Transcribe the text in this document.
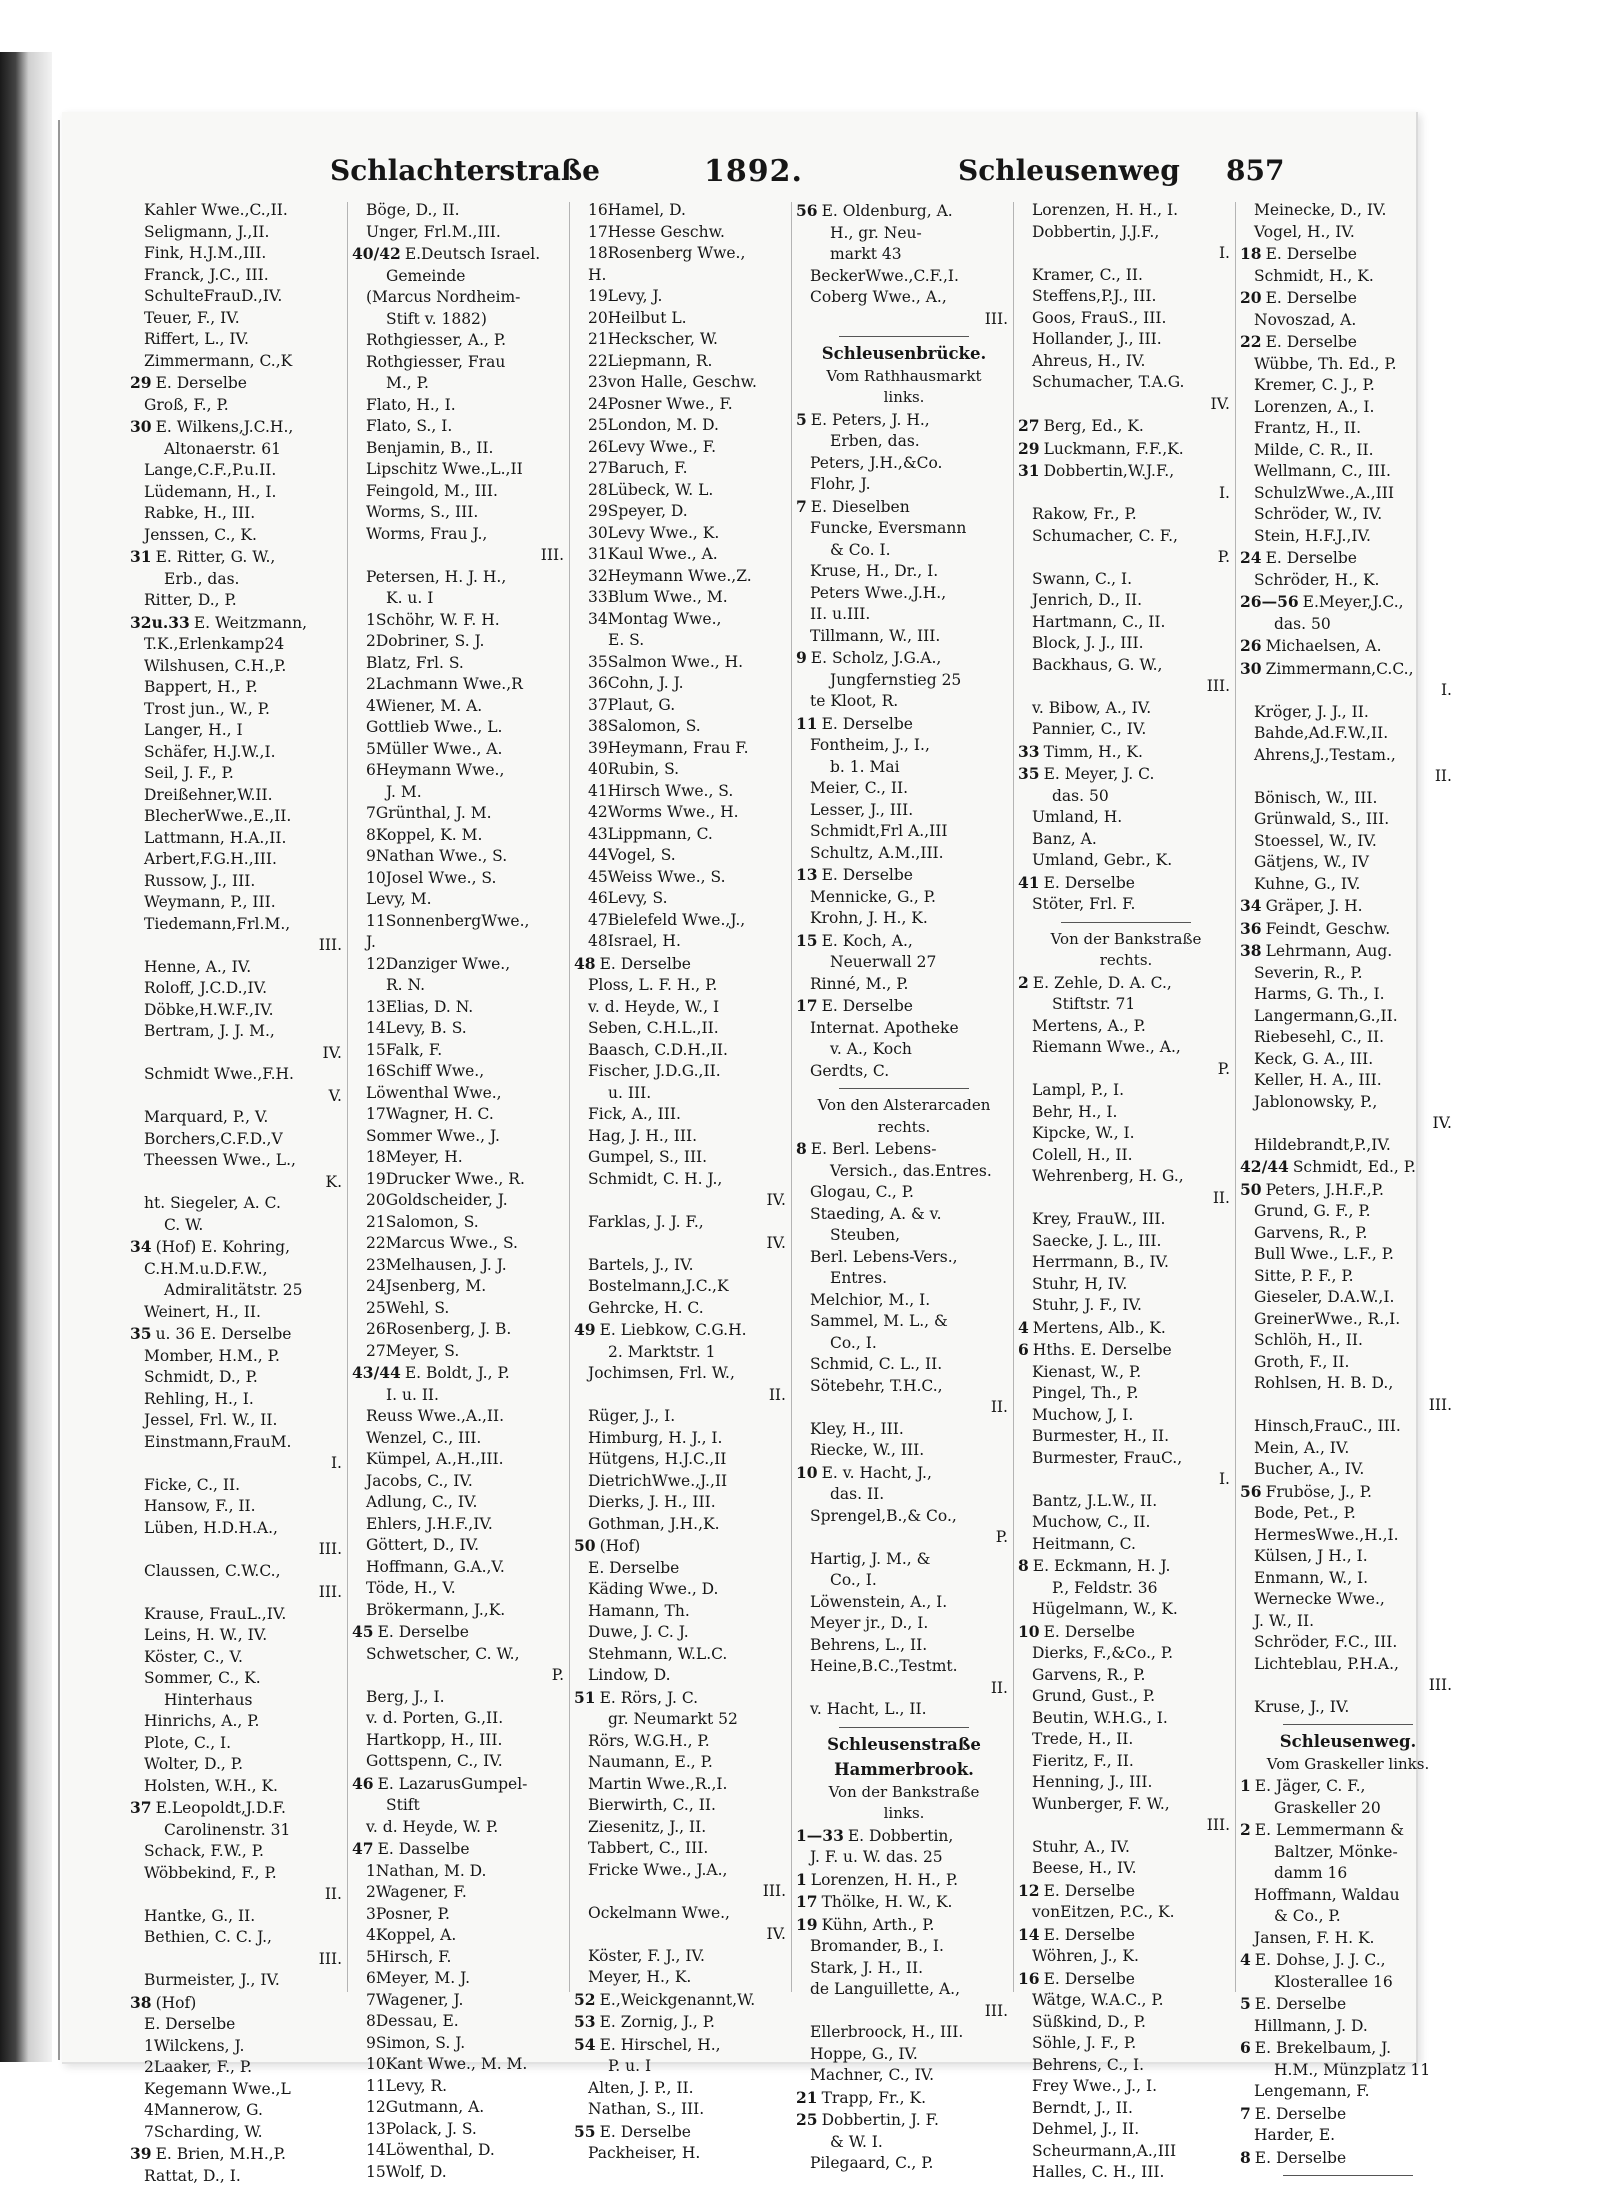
Schlachterstraße	1892.	Schleusenweg 857
Kahler Wwe.,C.,II.
Seligmann, J.,II.
Fink, H.J.M.,III.
Franck, J.C., III.
SchulteFrauD.,IV.
Teuer, F., IV.
Riffert, L., IV.
Zimmermann, C.,K
29 E. Derselbe
Groß, F., P.
30 E. Wilkens,J.C.H.,
Altonaerstr. 61
Lange,C.F.,P.u.II.
Lüdemann, H., I.
Rabke, H., III.
Jenssen, C., K.
31 E. Ritter, G. W.,
Erb., das.
Ritter, D., P.
32u.33 E. Weitzmann,
T.K.,Erlenkamp24
Wilshusen, C.H.,P.
Bappert, H., P.
Trost jun., W., P.
Langer, H., I
Schäfer, H.J.W.,I.
Seil, J. F., P.
Dreißehner,W.II.
BlecherWwe.,E.,II.
Lattmann, H.A.,II.
Arbert,F.G.H.,III.
Russow, J., III.
Weymann, P., III.
Tiedemann,Frl.M.,
III.
Henne, A., IV.
Roloff, J.C.D.,IV.
Döbke,H.W.F.,IV.
Bertram, J. J. M.,
IV.
Schmidt Wwe.,F.H.
V.
Marquard, P., V.
Borchers,C.F.D.,V
Theessen Wwe., L.,
K.
ht. Siegeler, A. C.
C. W.
34 (Hof) E. Kohring,
C.H.M.u.D.F.W.,
Admiralitätstr. 25
Weinert, H., II.
35 u. 36 E. Derselbe
Momber, H.M., P.
Schmidt, D., P.
Rehling, H., I.
Jessel, Frl. W., II.
Einstmann,FrauM.
I.
Ficke, C., II.
Hansow, F., II.
Lüben, H.D.H.A.,
III.
Claussen, C.W.C.,
III.
Krause, FrauL.,IV.
Leins, H. W., IV.
Köster, C., V.
Sommer, C., K.
Hinterhaus
Hinrichs, A., P.
Plote, C., I.
Wolter, D., P.
Holsten, W.H., K.
37 E.Leopoldt,J.D.F.
Carolinenstr. 31
Schack, F.W., P.
Wöbbekind, F., P.
II.
Hantke, G., II.
Bethien, C. C. J.,
III.
Burmeister, J., IV.
38 (Hof)
E. Derselbe
1Wilckens, J.
2Laaker, F., P.
Kegemann Wwe.,L
4Mannerow, G.
7Scharding, W.
39 E. Brien, M.H.,P.
Rattat, D., I.
Böge, D., II.
Unger, Frl.M.,III.
40/42 E.Deutsch Israel.
Gemeinde
(Marcus Nordheim-
Stift v. 1882)
Rothgiesser, A., P.
Rothgiesser, Frau
M., P.
Flato, H., I.
Flato, S., I.
Benjamin, B., II.
Lipschitz Wwe.,L.,II
Feingold, M., III.
Worms, S., III.
Worms, Frau J.,
III.
Petersen, H. J. H.,
K. u. I
1Schöhr, W. F. H.
2Dobriner, S. J.
Blatz, Frl. S.
2Lachmann Wwe.,R
4Wiener, M. A.
Gottlieb Wwe., L.
5Müller Wwe., A.
6Heymann Wwe.,
J. M.
7Grünthal, J. M.
8Koppel, K. M.
9Nathan Wwe., S.
10Josel Wwe., S.
Levy, M.
11SonnenbergWwe.,
J.
12Danziger Wwe.,
R. N.
13Elias, D. N.
14Levy, B. S.
15Falk, F.
16Schiff Wwe.,
Löwenthal Wwe.,
17Wagner, H. C.
Sommer Wwe., J.
18Meyer, H.
19Drucker Wwe., R.
20Goldscheider, J.
21Salomon, S.
22Marcus Wwe., S.
23Melhausen, J. J.
24Jsenberg, M.
25Wehl, S.
26Rosenberg, J. B.
27Meyer, S.
43/44 E. Boldt, J., P.
I. u. II.
Reuss Wwe.,A.,II.
Wenzel, C., III.
Kümpel, A.,H.,III.
Jacobs, C., IV.
Adlung, C., IV.
Ehlers, J.H.F.,IV.
Göttert, D., IV.
Hoffmann, G.A.,V.
Töde, H., V.
Brökermann, J.,K.
45 E. Derselbe
Schwetscher, C. W.,
P.
Berg, J., I.
v. d. Porten, G.,II.
Hartkopp, H., III.
Gottspenn, C., IV.
46 E. LazarusGumpel-
Stift
v. d. Heyde, W. P.
47 E. Dasselbe
1Nathan, M. D.
2Wagener, F.
3Posner, P.
4Koppel, A.
5Hirsch, F.
6Meyer, M. J.
7Wagener, J.
8Dessau, E.
9Simon, S. J.
10Kant Wwe., M. M.
11Levy, R.
12Gutmann, A.
13Polack, J. S.
14Löwenthal, D.
15Wolf, D.
16Hamel, D.
17Hesse Geschw.
18Rosenberg Wwe.,
H.
19Levy, J.
20Heilbut L.
21Heckscher, W.
22Liepmann, R.
23von Halle, Geschw.
24Posner Wwe., F.
25London, M. D.
26Levy Wwe., F.
27Baruch, F.
28Lübeck, W. L.
29Speyer, D.
30Levy Wwe., K.
31Kaul Wwe., A.
32Heymann Wwe.,Z.
33Blum Wwe., M.
34Montag Wwe.,
E. S.
35Salmon Wwe., H.
36Cohn, J. J.
37Plaut, G.
38Salomon, S.
39Heymann, Frau F.
40Rubin, S.
41Hirsch Wwe., S.
42Worms Wwe., H.
43Lippmann, C.
44Vogel, S.
45Weiss Wwe., S.
46Levy, S.
47Bielefeld Wwe.,J.,
48Israel, H.
48 E. Derselbe
Ploss, L. F. H., P.
v. d. Heyde, W., I
Seben, C.H.L.,II.
Baasch, C.D.H.,II.
Fischer, J.D.G.,II.
u. III.
Fick, A., III.
Hag, J. H., III.
Gumpel, S., III.
Schmidt, C. H. J.,
IV.
Farklas, J. J. F.,
IV.
Bartels, J., IV.
Bostelmann,J.C.,K
Gehrcke, H. C.
49 E. Liebkow, C.G.H.
2. Marktstr. 1
Jochimsen, Frl. W.,
II.
Rüger, J., I.
Himburg, H. J., I.
Hütgens, H.J.C.,II
DietrichWwe.,J.,II
Dierks, J. H., III.
Gothman, J.H.,K.
50 (Hof)
E. Derselbe
Käding Wwe., D.
Hamann, Th.
Duwe, J. C. J.
Stehmann, W.L.C.
Lindow, D.
51 E. Rörs, J. C.
gr. Neumarkt 52
Rörs, W.G.H., P.
Naumann, E., P.
Martin Wwe.,R.,I.
Bierwirth, C., II.
Ziesenitz, J., II.
Tabbert, C., III.
Fricke Wwe., J.A.,
III.
Ockelmann Wwe.,
IV.
Köster, F. J., IV.
Meyer, H., K.
52 E.,Weickgenannt,W.
53 E. Zornig, J., P.
54 E. Hirschel, H.,
P. u. I
Alten, J. P., II.
Nathan, S., III.
55 E. Derselbe
Packheiser, H.
56 E. Oldenburg, A.
H., gr. Neu-
markt 43
BeckerWwe.,C.F.,I.
Coberg Wwe., A.,
III.
Schleusenbrücke.
Vom Rathhausmarkt
links.
5 E. Peters, J. H.,
Erben, das.
Peters, J.H.,&Co.
Flohr, J.
7 E. Dieselben
Funcke, Eversmann
& Co. I.
Kruse, H., Dr., I.
Peters Wwe.,J.H.,
II. u.III.
Tillmann, W., III.
9 E. Scholz, J.G.A.,
Jungfernstieg 25
te Kloot, R.
11 E. Derselbe
Fontheim, J., I.,
b. 1. Mai
Meier, C., II.
Lesser, J., III.
Schmidt,Frl A.,III
Schultz, A.M.,III.
13 E. Derselbe
Mennicke, G., P.
Krohn, J. H., K.
15 E. Koch, A.,
Neuerwall 27
Rinné, M., P.
17 E. Derselbe
Internat. Apotheke
v. A., Koch
Gerdts, C.
Von den Alsterarcaden
rechts.
8 E. Berl. Lebens-
Versich., das.Entres.
Glogau, C., P.
Staeding, A. & v.
Steuben,
Berl. Lebens-Vers.,
Entres.
Melchior, M., I.
Sammel, M. L., &
Co., I.
Schmid, C. L., II.
Sötebehr, T.H.C.,
II.
Kley, H., III.
Riecke, W., III.
10 E. v. Hacht, J.,
das. II.
Sprengel,B.,& Co.,
P.
Hartig, J. M., &
Co., I.
Löwenstein, A., I.
Meyer jr., D., I.
Behrens, L., II.
Heine,B.C.,Testmt.
II.
v. Hacht, L., II.
Schleusenstraße
Hammerbrook.
Von der Bankstraße
links.
1—33 E. Dobbertin,
J. F. u. W. das. 25
1 Lorenzen, H. H., P.
17 Thölke, H. W., K.
19 Kühn, Arth., P.
Bromander, B., I.
Stark, J. H., II.
de Languillette, A.,
III.
Ellerbroock, H., III.
Hoppe, G., IV.
Machner, C., IV.
21 Trapp, Fr., K.
25 Dobbertin, J. F.
& W. I.
Pilegaard, C., P.
Lorenzen, H. H., I.
Dobbertin, J.J.F.,
I.
Kramer, C., II.
Steffens,P.J., III.
Goos, FrauS., III.
Hollander, J., III.
Ahreus, H., IV.
Schumacher, T.A.G.
IV.
27 Berg, Ed., K.
29 Luckmann, F.F.,K.
31 Dobbertin,W.J.F.,
I.
Rakow, Fr., P.
Schumacher, C. F.,
P.
Swann, C., I.
Jenrich, D., II.
Hartmann, C., II.
Block, J. J., III.
Backhaus, G. W.,
III.
v. Bibow, A., IV.
Pannier, C., IV.
33 Timm, H., K.
35 E. Meyer, J. C.
das. 50
Umland, H.
Banz, A.
Umland, Gebr., K.
41 E. Derselbe
Stöter, Frl. F.
Von der Bankstraße
rechts.
2 E. Zehle, D. A. C.,
Stiftstr. 71
Mertens, A., P.
Riemann Wwe., A.,
P.
Lampl, P., I.
Behr, H., I.
Kipcke, W., I.
Colell, H., II.
Wehrenberg, H. G.,
II.
Krey, FrauW., III.
Saecke, J. L., III.
Herrmann, B., IV.
Stuhr, H, IV.
Stuhr, J. F., IV.
4 Mertens, Alb., K.
6 Hths. E. Derselbe
Kienast, W., P.
Pingel, Th., P.
Muchow, J, I.
Burmester, H., II.
Burmester, FrauC.,
I.
Bantz, J.L.W., II.
Muchow, C., II.
Heitmann, C.
8 E. Eckmann, H. J.
P., Feldstr. 36
Hügelmann, W., K.
10 E. Derselbe
Dierks, F.,&Co., P.
Garvens, R., P.
Grund, Gust., P.
Beutin, W.H.G., I.
Trede, H., II.
Fieritz, F., II.
Henning, J., III.
Wunberger, F. W.,
III.
Stuhr, A., IV.
Beese, H., IV.
12 E. Derselbe
vonEitzen, P.C., K.
14 E. Derselbe
Wöhren, J., K.
16 E. Derselbe
Wätge, W.A.C., P.
Süßkind, D., P.
Söhle, J. F., P.
Behrens, C., I.
Frey Wwe., J., I.
Berndt, J., II.
Dehmel, J., II.
Scheurmann,A.,III
Halles, C. H., III.
Meinecke, D., IV.
Vogel, H., IV.
18 E. Derselbe
Schmidt, H., K.
20 E. Derselbe
Novoszad, A.
22 E. Derselbe
Wübbe, Th. Ed., P.
Kremer, C. J., P.
Lorenzen, A., I.
Frantz, H., II.
Milde, C. R., II.
Wellmann, C., III.
SchulzWwe.,A.,III
Schröder, W., IV.
Stein, H.F.J.,IV.
24 E. Derselbe
Schröder, H., K.
26—56 E.Meyer,J.C.,
das. 50
26 Michaelsen, A.
30 Zimmermann,C.C.,
I.
Kröger, J. J., II.
Bahde,Ad.F.W.,II.
Ahrens,J.,Testam.,
II.
Bönisch, W., III.
Grünwald, S., III.
Stoessel, W., IV.
Gätjens, W., IV
Kuhne, G., IV.
34 Gräper, J. H.
36 Feindt, Geschw.
38 Lehrmann, Aug.
Severin, R., P.
Harms, G. Th., I.
Langermann,G.,II.
Riebesehl, C., II.
Keck, G. A., III.
Keller, H. A., III.
Jablonowsky, P.,
IV.
Hildebrandt,P.,IV.
42/44 Schmidt, Ed., P.
50 Peters, J.H.F.,P.
Grund, G. F., P.
Garvens, R., P.
Bull Wwe., L.F., P.
Sitte, P. F., P.
Gieseler, D.A.W.,I.
GreinerWwe., R.,I.
Schlöh, H., II.
Groth, F., II.
Rohlsen, H. B. D.,
III.
Hinsch,FrauC., III.
Mein, A., IV.
Bucher, A., IV.
56 Fruböse, J., P.
Bode, Pet., P.
HermesWwe.,H.,I.
Külsen, J H., I.
Enmann, W., I.
Wernecke Wwe.,
J. W., II.
Schröder, F.C., III.
Lichteblau, P.H.A.,
III.
Kruse, J., IV.
Schleusenweg.
Vom Graskeller links.
1 E. Jäger, C. F.,
Graskeller 20
2 E. Lemmermann &
Baltzer, Mönke-
damm 16
Hoffmann, Waldau
& Co., P.
Jansen, F. H. K.
4 E. Dohse, J. J. C.,
Klosterallee 16
5 E. Derselbe
Hillmann, J. D.
6 E. Brekelbaum, J.
H.M., Münzplatz 11
Lengemann, F.
7 E. Derselbe
Harder, E.
8 E. Derselbe
